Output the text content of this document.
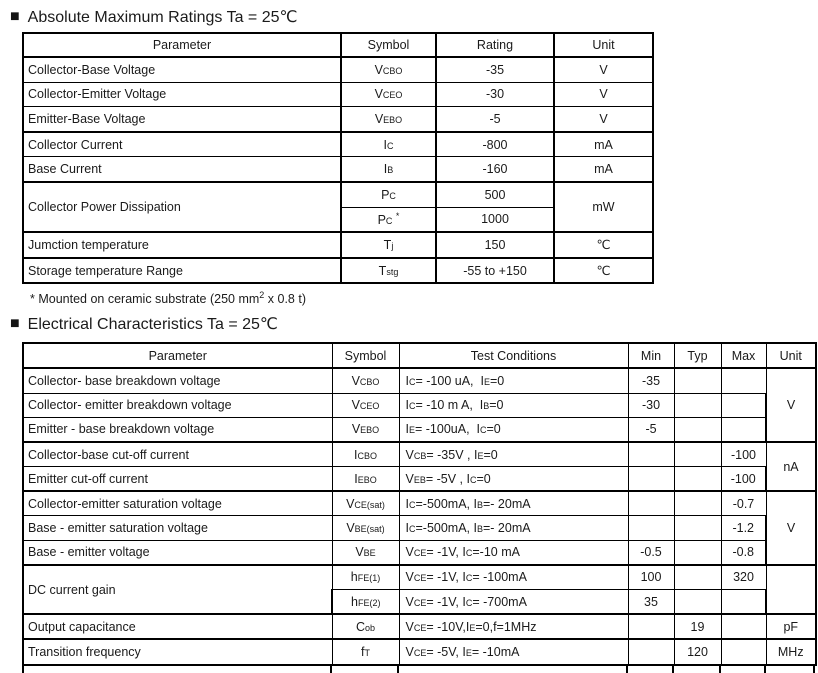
■ Absolute Maximum Ratings Ta = 25℃
Parameter	Symbol	Rating	Unit
Collector-Base Voltage	VCBO	-35	V
Collector-Emitter Voltage	VCEO	-30	V
Emitter-Base Voltage	VEBO	-5	V
Collector Current	IC	-800	mA
Base Current	IB	-160	mA
Collector Power Dissipation	PC	500	mW
	PC *	1000	
Jumction temperature	Tj	150	℃
Storage temperature Range	Tstg	-55 to +150	℃
* Mounted on ceramic substrate (250 $mm^2$ x 0.8 t)
■ Electrical Characteristics Ta = 25℃
Parameter	Symbol	Test Conditions	Min	Typ	Max	Unit
Collector- base breakdown voltage	VCBO	IC= -100 uA,  IE=0	-35			V
Collector- emitter breakdown voltage	VCEO	IC= -10 m A,  IB=0	-30			
Emitter - base breakdown voltage	VEBO	IE= -100uA,  IC=0	-5			
Collector-base cut-off current	ICBO	VCB= -35V , IE=0			-100	nA
Emitter cut-off current	IEBO	VEB= -5V , IC=0			-100	
Collector-emitter saturation voltage	VCE(sat)	IC=-500mA, IB=- 20mA			-0.7	V
Base - emitter saturation voltage	VBE(sat)	IC=-500mA, IB=- 20mA			-1.2	
Base - emitter voltage	VBE	VCE= -1V, IC=-10 mA	-0.5		-0.8	
DC current gain	hFE(1)	VCE= -1V, IC= -100mA	100		320	
	hFE(2)	VCE= -1V, IC= -700mA	35			
Output capacitance	Cob	VCE= -10V,IE=0,f=1MHz		19		pF
Transition frequency	fT	VCE= -5V, IE= -10mA		120		MHz
